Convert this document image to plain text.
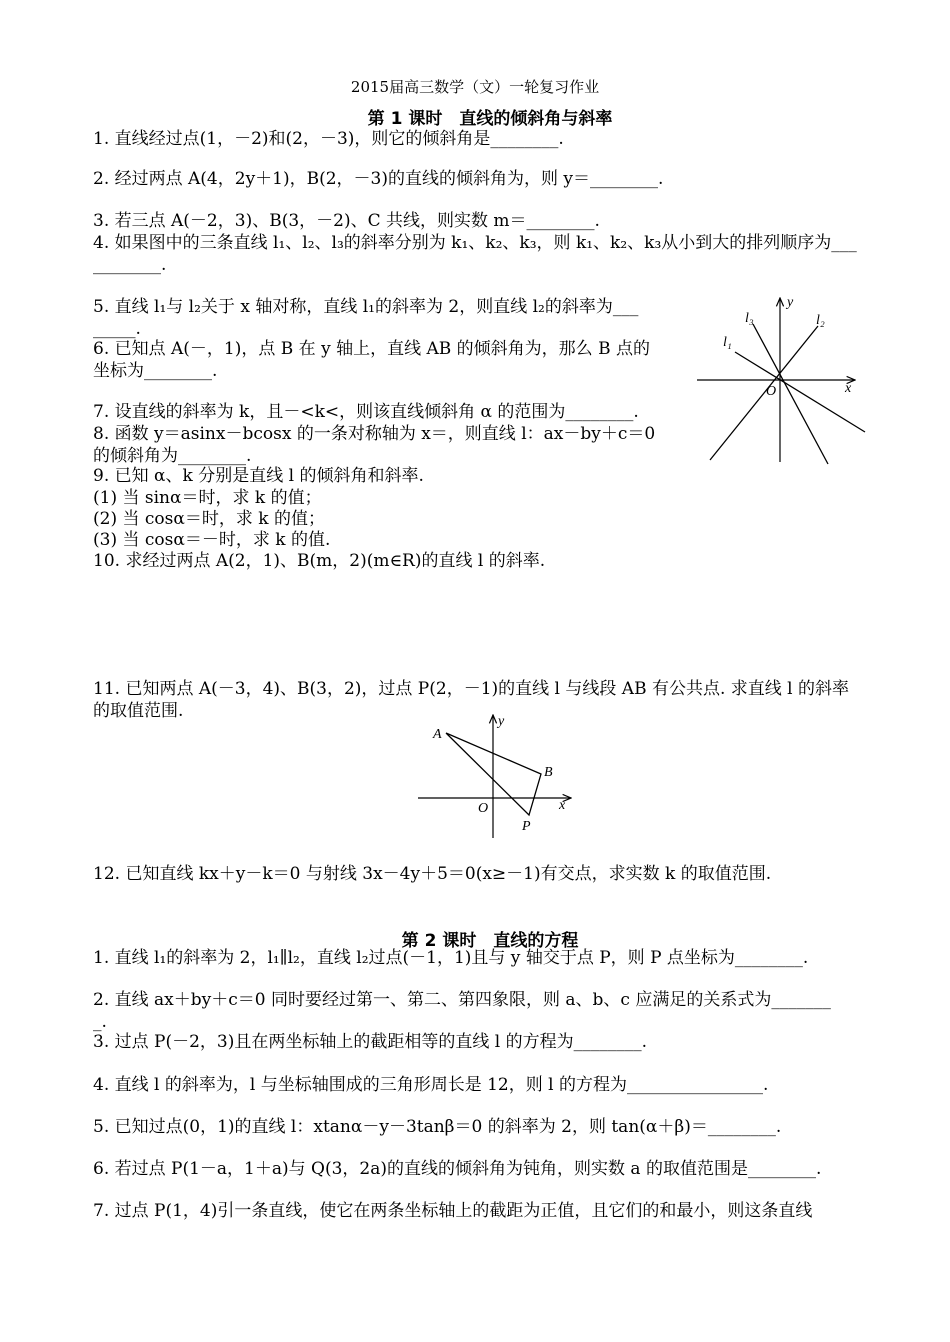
2015届高三数学（文）一轮复习作业
第 1 课时　直线的倾斜角与斜率
1. 直线经过点(1，－2)和(2，－3)，则它的倾斜角是________.
2. 经过两点 A(4，2y＋1)，B(2，－3)的直线的倾斜角为，则 y＝________.
3. 若三点 A(－2，3)、B(3，－2)、C 共线，则实数 m＝________.
4. 如果图中的三条直线 l₁、l₂、l₃的斜率分别为 k₁、k₂、k₃，则 k₁、k₂、k₃从小到大的排列顺序为___
________.
5. 直线 l₁与 l₂关于 x 轴对称，直线 l₁的斜率为 2，则直线 l₂的斜率为___
_____.
6. 已知点 A(－，1)，点 B 在 y 轴上，直线 AB 的倾斜角为，那么 B 点的
坐标为________.
7. 设直线的斜率为 k，且－<k<，则该直线倾斜角 α 的范围为________.
8. 函数 y＝asinx－bcosx 的一条对称轴为 x＝，则直线 l：ax－by＋c＝0
的倾斜角为________.
9. 已知 α、k 分别是直线 l 的倾斜角和斜率.
(1) 当 sinα＝时，求 k 的值；
(2) 当 cosα＝时，求 k 的值；
(3) 当 cosα＝－时，求 k 的值.
10. 求经过两点 A(2，1)、B(m，2)(m∈R)的直线 l 的斜率.
11. 已知两点 A(－3，4)、B(3，2)，过点 P(2，－1)的直线 l 与线段 AB 有公共点. 求直线 l 的斜率
的取值范围.
12. 已知直线 kx＋y－k＝0 与射线 3x－4y＋5＝0(x≥－1)有交点，求实数 k 的取值范围.
y
l₃	l₂
l₁
O	x
y
A
B
O	x
P
第 2 课时　直线的方程
1. 直线 l₁的斜率为 2，l₁∥l₂，直线 l₂过点(－1，1)且与 y 轴交于点 P，则 P 点坐标为________.
2. 直线 ax＋by＋c＝0 同时要经过第一、第二、第四象限，则 a、b、c 应满足的关系式为_______
_.
3. 过点 P(－2，3)且在两坐标轴上的截距相等的直线 l 的方程为________.
4. 直线 l 的斜率为，l 与坐标轴围成的三角形周长是 12，则 l 的方程为________________.
5. 已知过点(0，1)的直线 l：xtanα－y－3tanβ＝0 的斜率为 2，则 tan(α＋β)＝________.
6. 若过点 P(1－a，1＋a)与 Q(3，2a)的直线的倾斜角为钝角，则实数 a 的取值范围是________.
7. 过点 P(1，4)引一条直线，使它在两条坐标轴上的截距为正值，且它们的和最小，则这条直线
